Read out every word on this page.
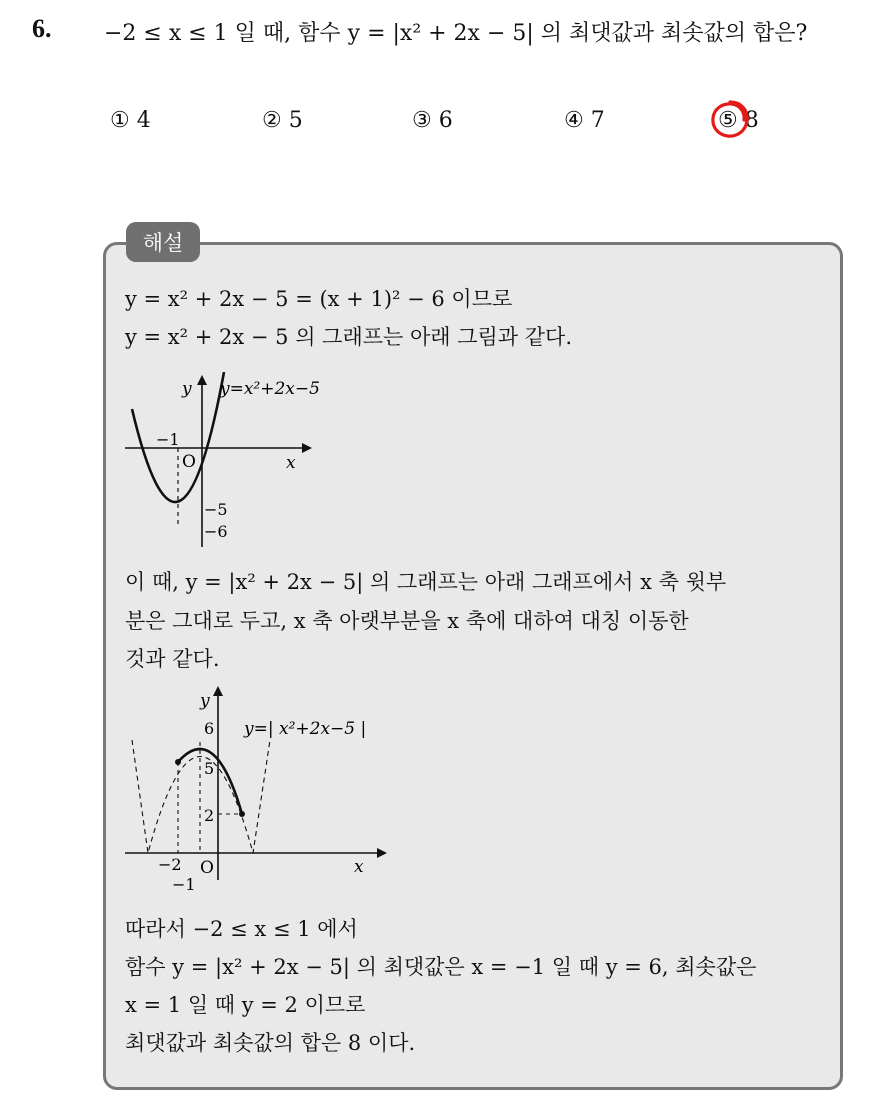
6. −2 ≤ x ≤ 1 일 때, 함수 y = |x² + 2x − 5| 의 최댓값과 최솟값의 합은?
① 4	② 5	③ 6	④ 7	⑤ 8
해설
y = x² + 2x − 5 = (x + 1)² − 6 이므로
y = x² + 2x − 5 의 그래프는 아래 그림과 같다.
y y=x²+2x−5
−1
O	x
−5
−6
이 때, y = |x² + 2x − 5| 의 그래프는 아래 그래프에서 x 축 윗부
분은 그대로 두고, x 축 아랫부분을 x 축에 대하여 대칭 이동한
것과 같다.
y
6
5
2
y=| x²+2x−5 |
−2 O
−1
x
따라서 −2 ≤ x ≤ 1 에서
함수 y = |x² + 2x − 5| 의 최댓값은 x = −1 일 때 y = 6, 최솟값은
x = 1 일 때 y = 2 이므로
최댓값과 최솟값의 합은 8 이다.
